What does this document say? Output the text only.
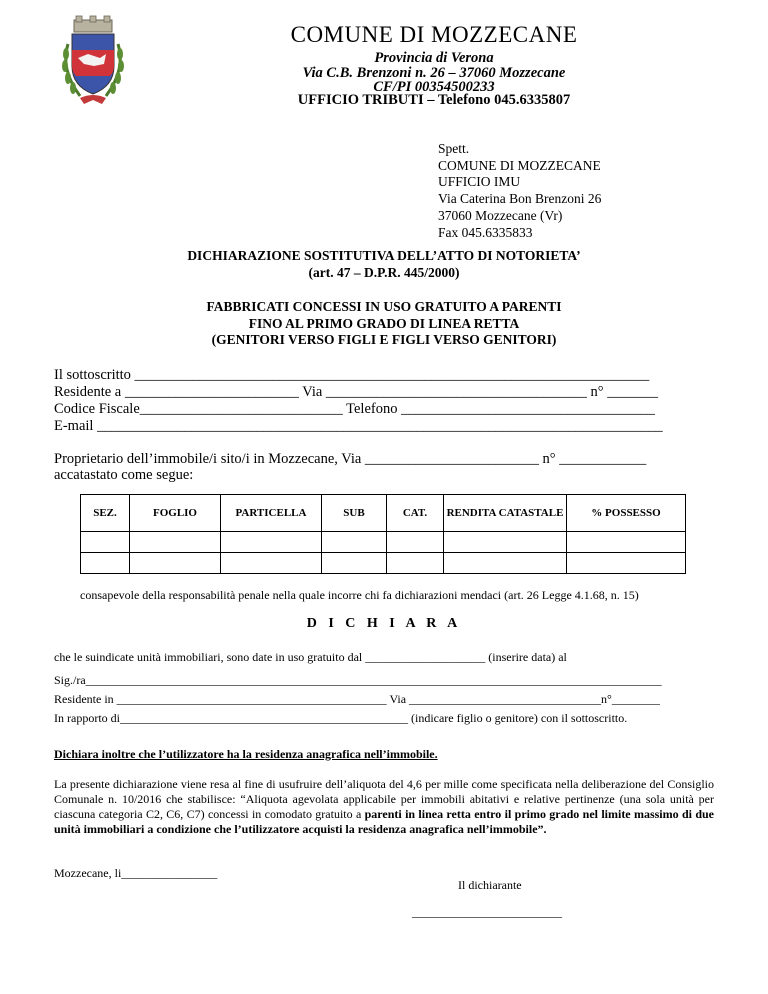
COMUNE DI MOZZECANE
Provincia di Verona
Via C.B. Brenzoni n. 26 – 37060 Mozzecane
CF/PI 00354500233
UFFICIO TRIBUTI – Telefono 045.6335807
Spett.
COMUNE DI MOZZECANE
UFFICIO IMU
Via Caterina Bon Brenzoni 26
37060 Mozzecane (Vr)
Fax 045.6335833
DICHIARAZIONE SOSTITUTIVA DELL’ATTO DI NOTORIETA’
(art. 47 – D.P.R. 445/2000)
FABBRICATI CONCESSI IN USO GRATUITO A PARENTI
FINO AL PRIMO GRADO DI LINEA RETTA
(GENITORI VERSO FIGLI E FIGLI VERSO GENITORI)
Il sottoscritto _______________________________________________________________________
Residente a ________________________ Via ____________________________________ n° _______
Codice Fiscale____________________________ Telefono ___________________________________
E-mail ______________________________________________________________________________
Proprietario dell’immobile/i sito/i in Mozzecane, Via ________________________ n° ____________
accatastato come segue:
SEZ.	FOGLIO	PARTICELLA	SUB	CAT.	RENDITA CATASTALE	% POSSESSO

consapevole della responsabilità penale nella quale incorre chi fa dichiarazioni mendaci (art. 26 Legge 4.1.68, n. 15)
D I C H I A R A
che le suindicate unità immobiliari, sono date in uso gratuito dal ____________________ (inserire data) al
Sig./ra________________________________________________________________________________________________
Residente in _____________________________________________ Via ________________________________n°________
In rapporto di________________________________________________ (indicare figlio o genitore) con il sottoscritto.
Dichiara inoltre che l’utilizzatore ha la residenza anagrafica nell’immobile.
La presente dichiarazione viene resa al fine di usufruire dell’aliquota del 4,6 per mille come specificata nella deliberazione del Consiglio Comunale n. 10/2016 che stabilisce: “Aliquota agevolata applicabile per immobili abitativi e relative pertinenze (una sola unità per ciascuna categoria C2, C6, C7) concessi in comodato gratuito a parenti in linea retta entro il primo grado nel limite massimo di due unità immobiliari a condizione che l’utilizzatore acquisti la residenza anagrafica nell’immobile”.
Mozzecane, li________________
Il dichiarante
_________________________
